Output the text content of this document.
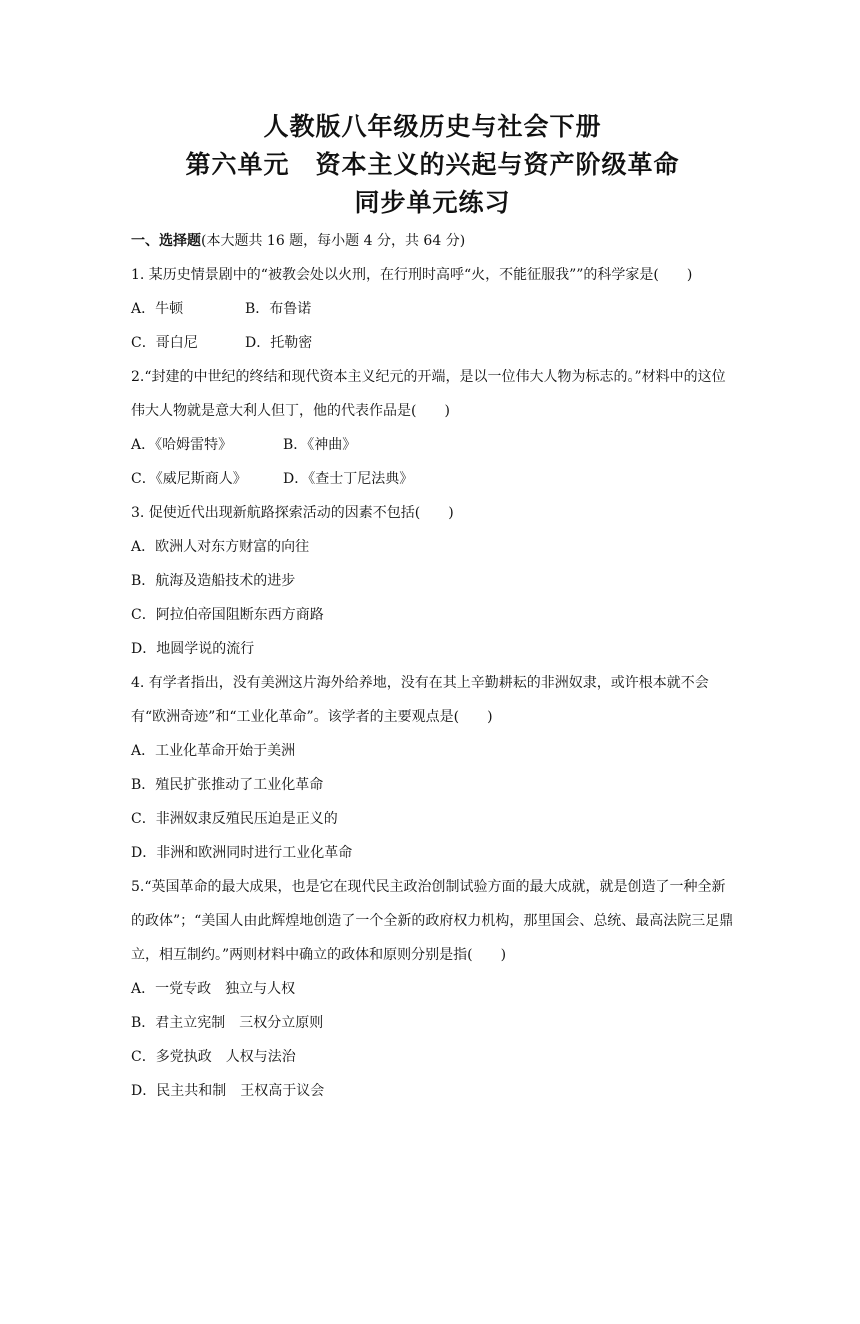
人教版八年级历史与社会下册
第六单元　资本主义的兴起与资产阶级革命
同步单元练习
一、选择题(本大题共 16 题，每小题 4 分，共 64 分)

1. 某历史情景剧中的“被教会处以火刑，在行刑时高呼“火，不能征服我””的科学家是(　　)

A．牛顿	B．布鲁诺
C．哥白尼	D．托勒密

2.“封建的中世纪的终结和现代资本主义纪元的开端，是以一位伟大人物为标志的。”材料中的这位伟大人物就是意大利人但丁，他的代表作品是(　　)

A．《哈姆雷特》	B．《神曲》
C．《威尼斯商人》	D．《查士丁尼法典》

3. 促使近代出现新航路探索活动的因素不包括(　　)

A．欧洲人对东方财富的向往

B．航海及造船技术的进步

C．阿拉伯帝国阻断东西方商路

D．地圆学说的流行

4. 有学者指出，没有美洲这片海外给养地，没有在其上辛勤耕耘的非洲奴隶，或许根本就不会有“欧洲奇迹”和“工业化革命”。该学者的主要观点是(　　)

A．工业化革命开始于美洲

B．殖民扩张推动了工业化革命

C．非洲奴隶反殖民压迫是正义的

D．非洲和欧洲同时进行工业化革命

5.“英国革命的最大成果，也是它在现代民主政治创制试验方面的最大成就，就是创造了一种全新的政体”；“美国人由此辉煌地创造了一个全新的政府权力机构，那里国会、总统、最高法院三足鼎立，相互制约。”两则材料中确立的政体和原则分别是指(　　)

A．一党专政　独立与人权

B．君主立宪制　三权分立原则

C．多党执政　人权与法治

D．民主共和制　王权高于议会
